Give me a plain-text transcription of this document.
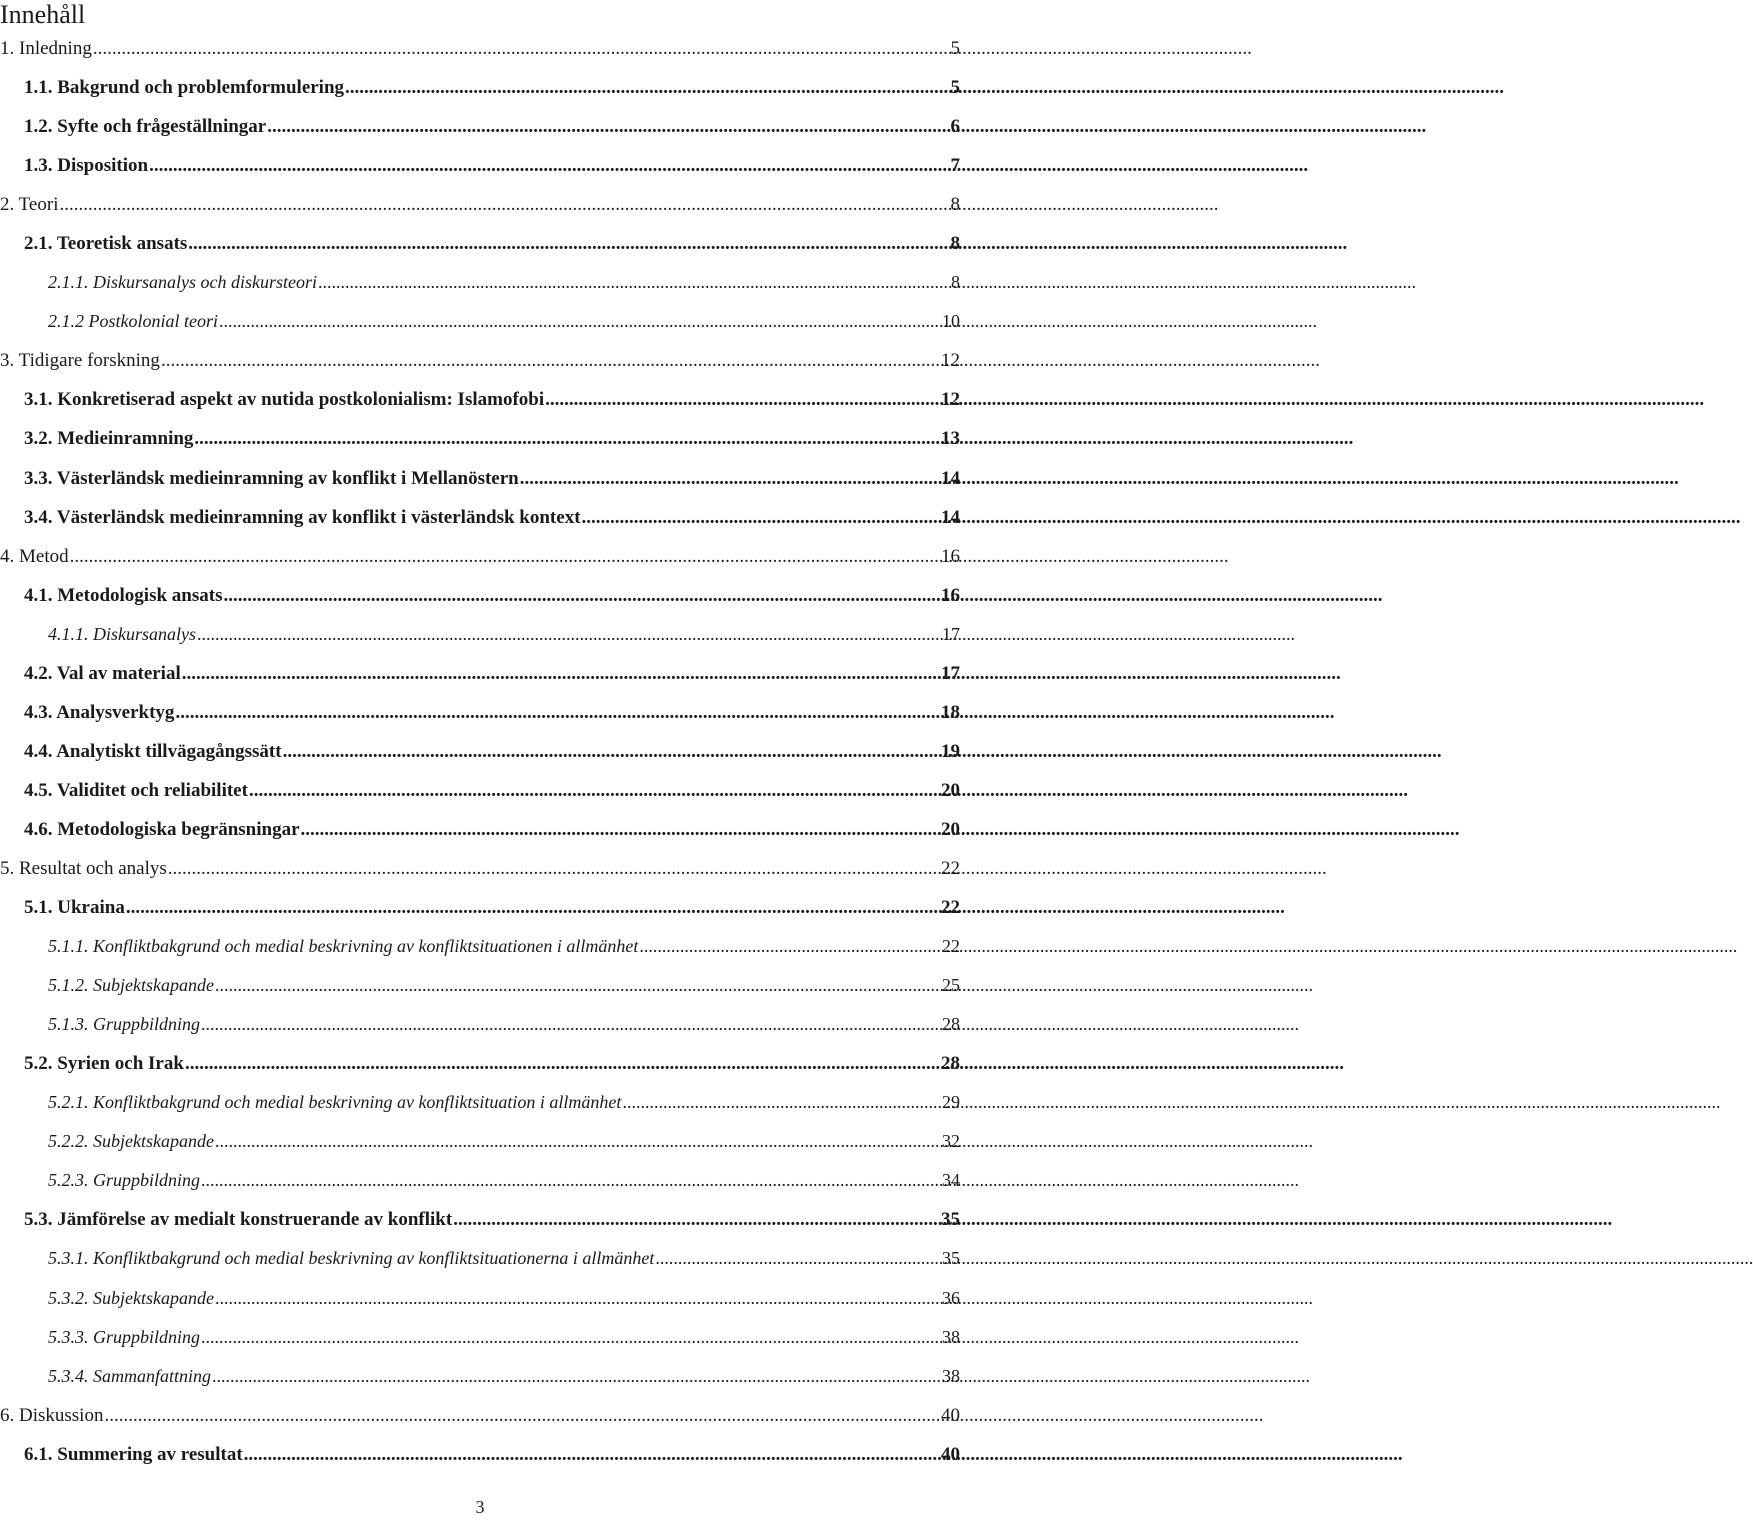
Innehåll
1. Inledning .....	5
1.1. Bakgrund och problemformulering .....	5
1.2. Syfte och frågeställningar .....	6
1.3. Disposition .....	7
2. Teori .....	8
2.1. Teoretisk ansats .....	8
2.1.1. Diskursanalys och diskursteori .....	8
2.1.2 Postkolonial teori .....	10
3. Tidigare forskning .....	12
3.1. Konkretiserad aspekt av nutida postkolonialism: Islamofobi .....	12
3.2. Medieinramning .....	13
3.3. Västerländsk medieinramning av konflikt i Mellanöstern .....	14
3.4. Västerländsk medieinramning av konflikt i västerländsk kontext .....	14
4. Metod .....	16
4.1. Metodologisk ansats .....	16
4.1.1. Diskursanalys .....	17
4.2. Val av material .....	17
4.3. Analysverktyg .....	18
4.4. Analytiskt tillvägagångssätt .....	19
4.5. Validitet och reliabilitet .....	20
4.6. Metodologiska begränsningar .....	20
5. Resultat och analys .....	22
5.1. Ukraina .....	22
5.1.1. Konfliktbakgrund och medial beskrivning av konfliktsituationen i allmänhet .....	22
5.1.2. Subjektskapande .....	25
5.1.3. Gruppbildning .....	28
5.2. Syrien och Irak .....	28
5.2.1. Konfliktbakgrund och medial beskrivning av konfliktsituation i allmänhet .....	29
5.2.2. Subjektskapande .....	32
5.2.3. Gruppbildning .....	34
5.3. Jämförelse av medialt konstruerande av konflikt .....	35
5.3.1. Konfliktbakgrund och medial beskrivning av konfliktsituationerna i allmänhet .....	35
5.3.2. Subjektskapande .....	36
5.3.3. Gruppbildning .....	38
5.3.4. Sammanfattning .....	38
6. Diskussion .....	40
6.1. Summering av resultat .....	40
3
